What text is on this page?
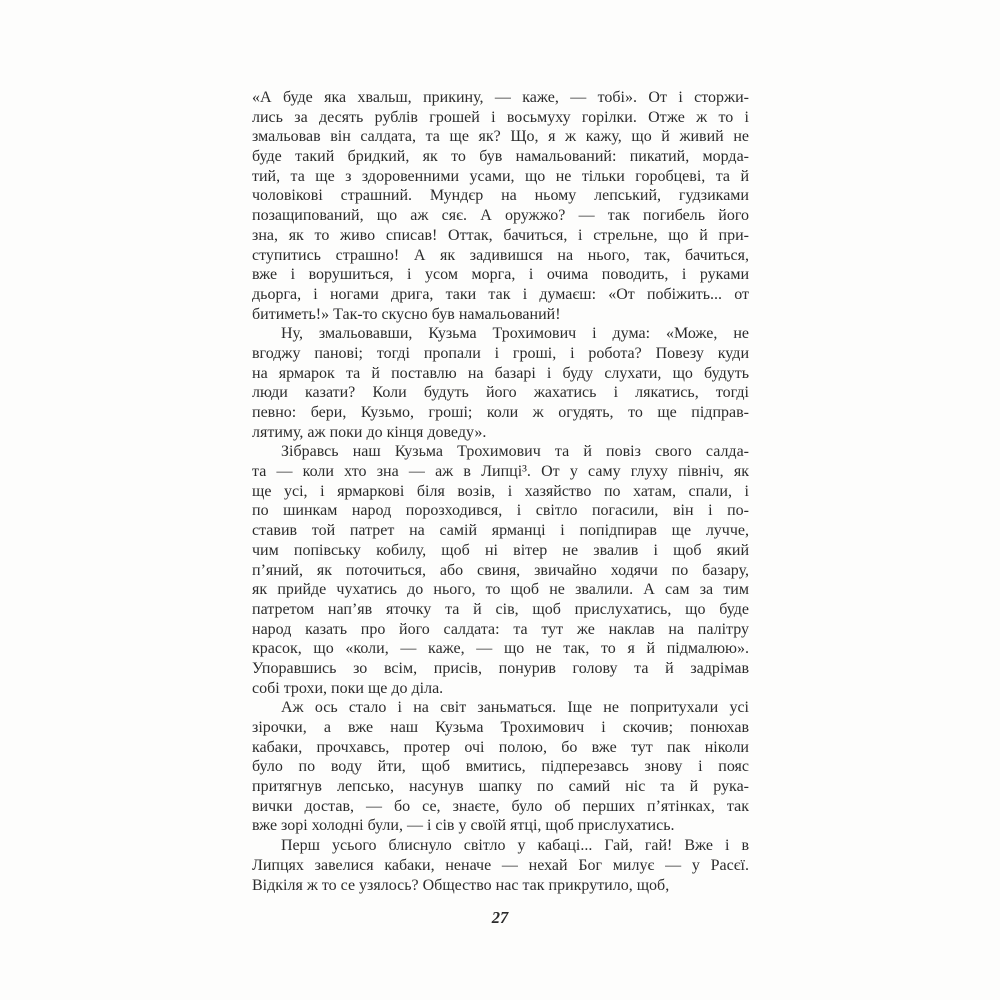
«А буде яка хвальш, прикину, — каже, — тобі». От і сторжи-
лись за десять рублів грошей і восьмуху горілки. Отже ж то і
змальовав він салдата, та ще як? Що, я ж кажу, що й живий не
буде такий бридкий, як то був намальований: пикатий, морда-
тий, та ще з здоровенними усами, що не тільки горобцеві, та й
чоловікові страшний. Мундєр на ньому лепський, гудзиками
позащипований, що аж сяє. А оружжо? — так погибель його
зна, як то живо списав! Оттак, бачиться, і стрельне, що й при-
ступитись страшно! А як задивишся на нього, так, бачиться,
вже і ворушиться, і усом морга, і очима поводить, і руками
дьорга, і ногами дрига, таки так і думаєш: «От побіжить... от
битиметь!» Так-то скусно був намальований!
Ну, змальовавши, Кузьма Трохимович і дума: «Може, не
вгоджу панові; тогді пропали і гроші, і робота? Повезу куди
на ярмарок та й поставлю на базарі і буду слухати, що будуть
люди казати? Коли будуть його жахатись і лякатись, тогді
певно: бери, Кузьмо, гроші; коли ж огудять, то ще підправ-
лятиму, аж поки до кінця доведу».
Зібравсь наш Кузьма Трохимович та й повіз свого салда-
та — коли хто зна — аж в Липці³. От у саму глуху північ, як
ще усі, і ярмаркові біля возів, і хазяйство по хатам, спали, і
по шинкам народ порозходився, і світло погасили, він і по-
ставив той патрет на самій ярманці і попідпирав ще лучче,
чим попівську кобилу, щоб ні вітер не звалив і щоб який
п’яний, як поточиться, або свиня, звичайно ходячи по базару,
як прийде чухатись до нього, то щоб не звалили. А сам за тим
патретом нап’яв яточку та й сів, щоб прислухатись, що буде
народ казать про його салдата: та тут же наклав на палітру
красок, що «коли, — каже, — що не так, то я й підмалюю».
Упоравшись зо всім, присів, понурив голову та й задрімав
собі трохи, поки ще до діла.
Аж ось стало і на світ заньматься. Іще не попритухали усі
зірочки, а вже наш Кузьма Трохимович і скочив; понюхав
кабаки, прочхавсь, протер очі полою, бо вже тут пак ніколи
було по воду йти, щоб вмитись, підперезавсь знову і пояс
притягнув лепсько, насунув шапку по самий ніс та й рука-
вички достав, — бо се, знаєте, було об перших п’ятінках, так
вже зорі холодні були, — і сів у своїй ятці, щоб прислухатись.
Перш усього блиснуло світло у кабаці... Гай, гай! Вже і в
Липцях завелися кабаки, неначе — нехай Бог милує — у Расєї.
Відкіля ж то се узялось? Общество нас так прикрутило, щоб,
27
